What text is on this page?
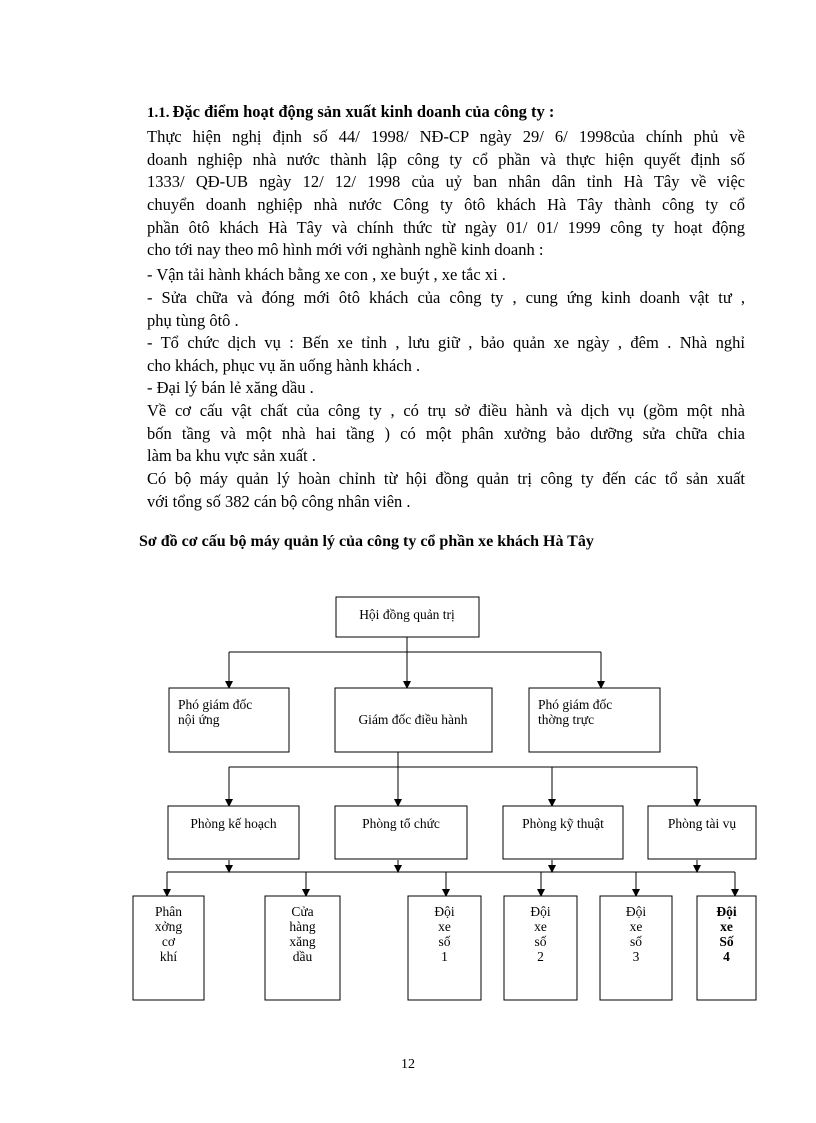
1.1. Đặc điểm hoạt động sản xuất kinh doanh của công ty :
Thực hiện nghị định số 44/ 1998/ NĐ-CP ngày 29/ 6/ 1998của chính phủ về
doanh nghiệp nhà nước thành lập công ty cổ phần và thực hiện quyết định số
1333/ QĐ-UB ngày 12/ 12/ 1998 của uỷ ban nhân dân tỉnh Hà Tây về việc
chuyển doanh nghiệp nhà nước Công ty ôtô khách Hà Tây thành công ty cổ
phần ôtô khách Hà Tây và chính thức từ ngày 01/ 01/ 1999 công ty hoạt động
cho tới nay theo mô hình mới với nghành nghề kinh doanh :
- Vận tải hành khách bằng xe con , xe buýt , xe tắc xi .
- Sửa chữa và đóng mới ôtô khách của công ty , cung ứng kinh doanh vật tư ,
phụ tùng ôtô .
- Tổ chức dịch vụ : Bến xe tỉnh , lưu giữ , bảo quản xe ngày , đêm . Nhà nghỉ
cho khách, phục vụ ăn uống hành khách .
- Đại lý bán lẻ xăng dầu .
Về cơ cấu vật chất của công ty , có trụ sở điều hành và dịch vụ (gồm một nhà
bốn tầng và một nhà hai tầng ) có một phân xưởng bảo dưỡng sửa chữa chia
làm ba khu vực sản xuất .
Có bộ máy quản lý hoàn chỉnh từ hội đồng quản trị công ty đến các tổ sản xuất
với tổng số 382 cán bộ công nhân viên .
Sơ đồ cơ cấu bộ máy quản lý của công ty cổ phần xe khách Hà Tây
Hội đồng quản trị
Phó giám đốc
nội ứng	Giám đốc điều hành
Phó giám đốc
thờng trực
Phòng kế hoạch	Phòng tổ chức	Phòng kỹ thuật	Phòng tài vụ
Phân
xởng
cơ
khí
Cửa
hàng
xăng
dầu
Đội
xe
số
1
Đội
xe
số
2
Đội
xe
số
3
Đội
xe
Số
4
12
